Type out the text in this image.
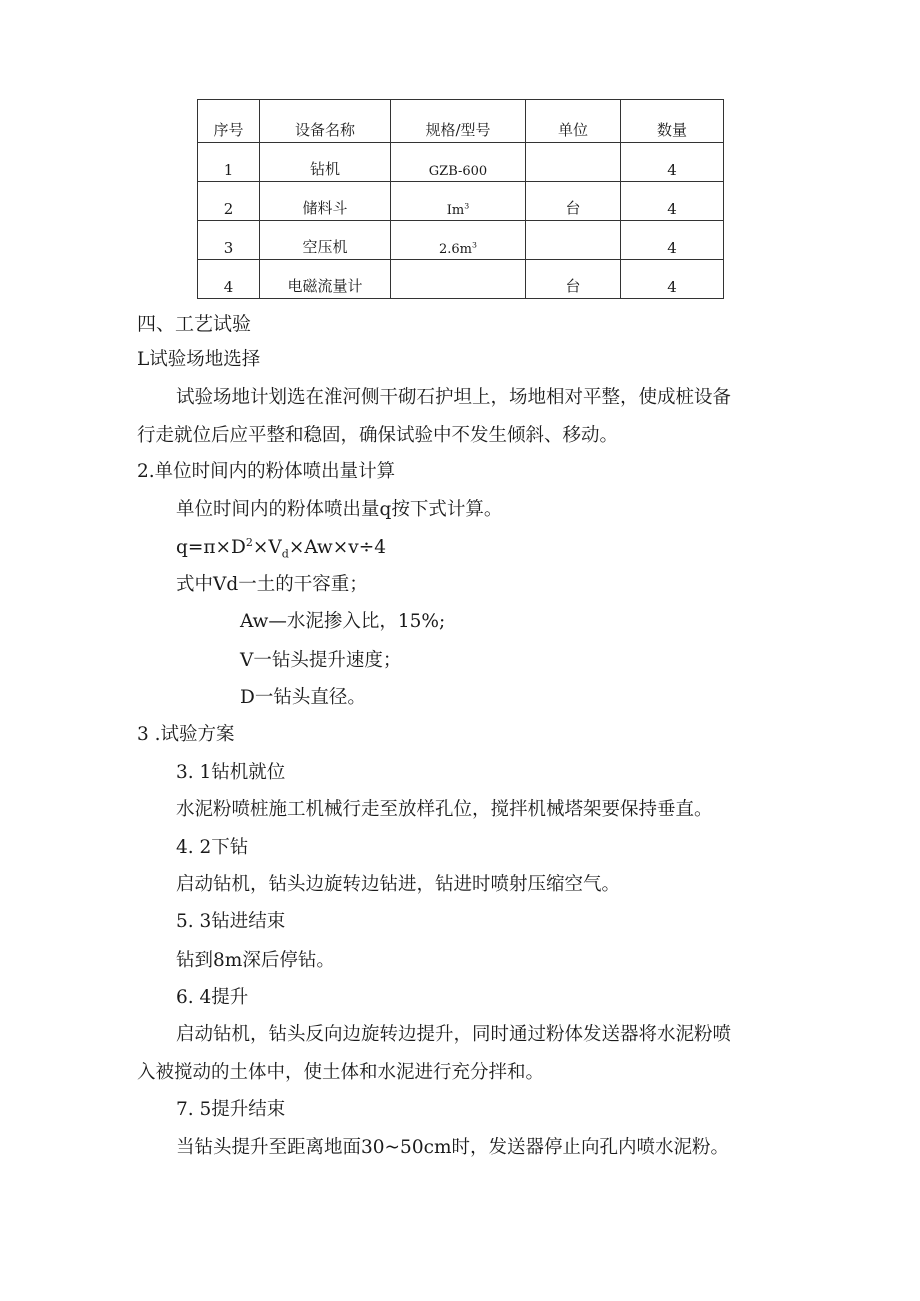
序号	设备名称	规格/型号	单位	数量
1	钻机	GZB-600		4
2	储料斗	Im$^3$	台	4
3	空压机	$2.6m^3$		4
4	电磁流量计		台	4
四、工艺试验
L试验场地选择
试验场地计划选在淮河侧干砌石护坦上，场地相对平整，使成桩设备
行走就位后应平整和稳固，确保试验中不发生倾斜、移动。
2.单位时间内的粉体喷出量计算
单位时间内的粉体喷出量q按下式计算。
$q=\pi\times D^2\times V_d\times Aw\times v\div 4$
式中Vd一土的干容重；
Aw—水泥掺入比，15%;
V一钻头提升速度；
D一钻头直径。
3 .试验方案
3. 1钻机就位
水泥粉喷桩施工机械行走至放样孔位，搅拌机械塔架要保持垂直。
4. 2下钻
启动钻机，钻头边旋转边钻进，钻进时喷射压缩空气。
5. 3钻进结束
钻到8m深后停钻。
6. 4提升
启动钻机，钻头反向边旋转边提升，同时通过粉体发送器将水泥粉喷
入被搅动的土体中，使土体和水泥进行充分拌和。
7. 5提升结束
当钻头提升至距离地面30~50cm时，发送器停止向孔内喷水泥粉。
